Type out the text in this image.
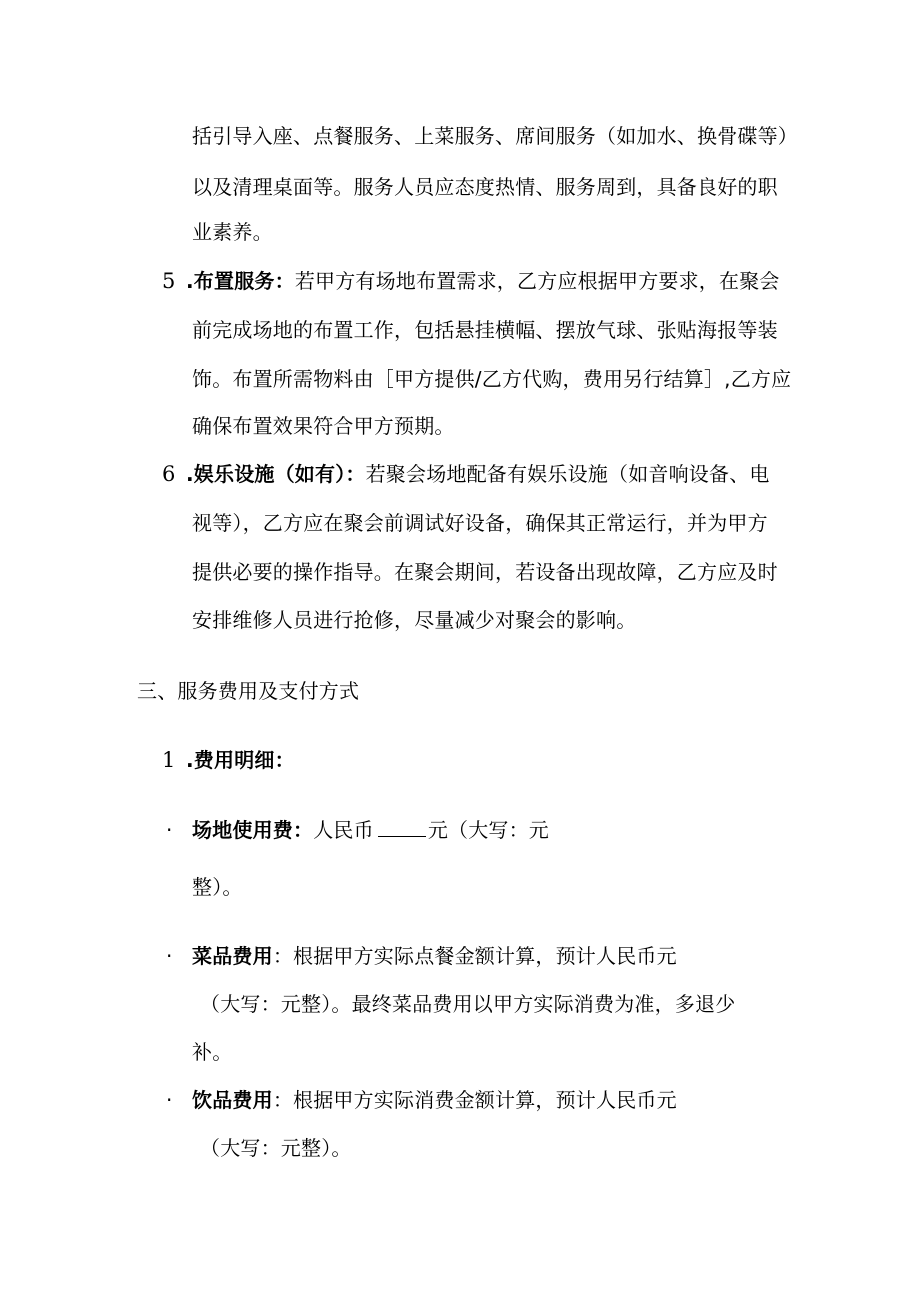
括引导入座、点餐服务、上菜服务、席间服务（如加水、换骨碟等）
以及清理桌面等。服务人员应态度热情、服务周到，具备良好的职
业素养。
5 .布置服务：若甲方有场地布置需求，乙方应根据甲方要求，在聚会
前完成场地的布置工作，包括悬挂横幅、摆放气球、张贴海报等装
饰。布置所需物料由［甲方提供/乙方代购，费用另行结算］,乙方应
确保布置效果符合甲方预期。
6 .娱乐设施（如有）：若聚会场地配备有娱乐设施（如音响设备、电
视等），乙方应在聚会前调试好设备，确保其正常运行，并为甲方
提供必要的操作指导。在聚会期间，若设备出现故障，乙方应及时
安排维修人员进行抢修，尽量减少对聚会的影响。
三、服务费用及支付方式
1 .费用明细：
· 场地使用费：人民币	元（大写：元
整）。
· 菜品费用：根据甲方实际点餐金额计算，预计人民币元
（大写：元整）。最终菜品费用以甲方实际消费为准，多退少
补。
· 饮品费用：根据甲方实际消费金额计算，预计人民币元
（大写：元整）。
